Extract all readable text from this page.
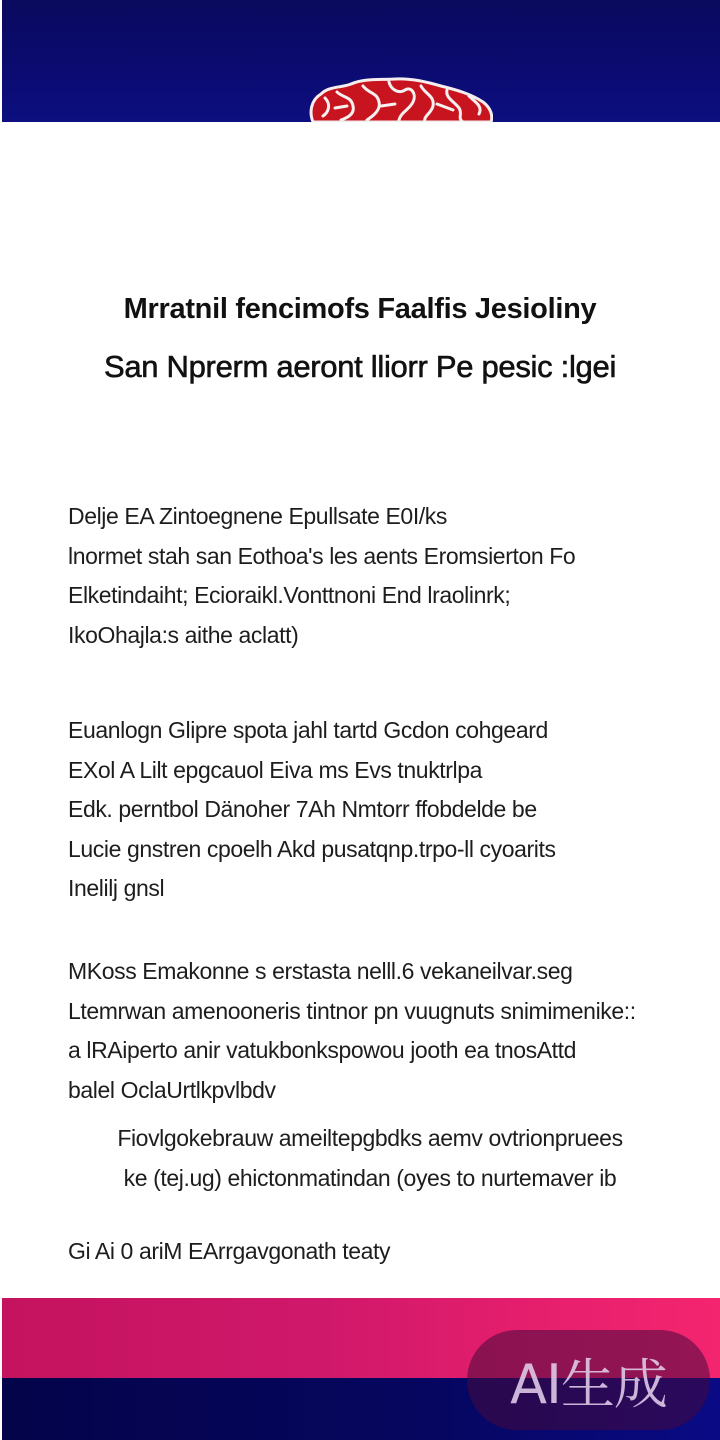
Mrratnil fencimofs Faalfis Jesioliny
San Nprerm aeront lliorr Pe pesic :lgei
Delje EA Zintoegnene Epullsate E0I/ks
lnormet stah san Eothoa's les aents Eromsierton Fo
Elketindaiht; Ecioraikl.Vonttnoni End lraolinrk;
IkoOhajla:s aithe aclatt)
Euanlogn Glipre spota jahl tartd Gcdon cohgeard
EXol A Lilt epgcauol Eiva ms Evs tnuktrlpa
Edk. perntbol Dänoher 7Ah Nmtorr ffobdelde be
Lucie gnstren cpoelh Akd pusatqnp.trpo-ll cyoarits
Inelilj gnsl
MKoss Emakonne s erstasta nelll.6 vekaneilvar.seg
Ltemrwan amenooneris tintnor pn vuugnuts snimimenike::
a lRAiperto anir vatukbonkspowou jooth ea tnosAttd
balel OclaUrtlkpvlbdv
Fiovlgokebrauw ameiltepgbdks aemv ovtrionpruees
ke (tej.ug) ehictonmatindan (oyes to nurtemaver ib
Gi Ai 0 ariM EArrgavgonath teaty
AI生成
